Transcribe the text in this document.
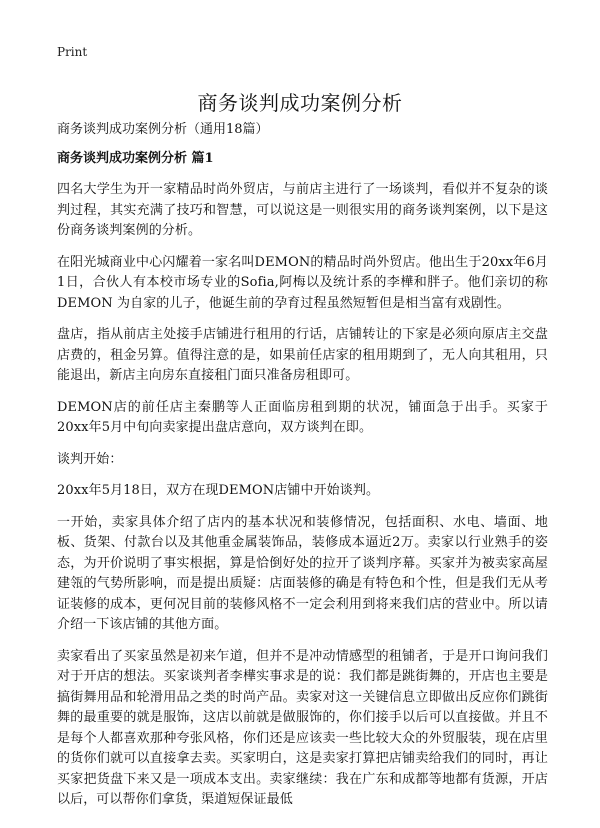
Print
商务谈判成功案例分析
商务谈判成功案例分析（通用18篇）
商务谈判成功案例分析 篇1

四名大学生为开一家精品时尚外贸店，与前店主进行了一场谈判，看似并不复杂的谈判过程，其实充满了技巧和智慧，可以说这是一则很实用的商务谈判案例，以下是这份商务谈判案例的分析。

在阳光城商业中心闪耀着一家名叫DEMON的精品时尚外贸店。他出生于20xx年6月1日，合伙人有本校市场专业的Sofia,阿梅以及统计系的李樺和胖子。他们亲切的称DEMON 为自家的儿子，他诞生前的孕育过程虽然短暂但是相当富有戏剧性。

盘店，指从前店主处接手店铺进行租用的行话，店铺转让的下家是必须向原店主交盘店费的，租金另算。值得注意的是，如果前任店家的租用期到了，无人向其租用，只能退出，新店主向房东直接租门面只准备房租即可。

DEMON店的前任店主秦鹏等人正面临房租到期的状况，铺面急于出手。买家于20xx年5月中旬向卖家提出盘店意向，双方谈判在即。

谈判开始：

20xx年5月18日，双方在现DEMON店铺中开始谈判。

一开始，卖家具体介绍了店内的基本状况和装修情况，包括面积、水电、墙面、地板、货架、付款台以及其他重金属装饰品，装修成本逼近2万。卖家以行业熟手的姿态，为开价说明了事实根据，算是恰倒好处的拉开了谈判序幕。买家并为被卖家高屋建瓴的气势所影响，而是提出质疑：店面装修的确是有特色和个性，但是我们无从考证装修的成本，更何况目前的装修风格不一定会利用到将来我们店的营业中。所以请介绍一下该店铺的其他方面。

卖家看出了买家虽然是初来乍道，但并不是冲动情感型的租铺者，于是开口询问我们对于开店的想法。买家谈判者李樺实事求是的说：我们都是跳街舞的，开店也主要是搞街舞用品和轮滑用品之类的时尚产品。卖家对这一关键信息立即做出反应你们跳街舞的最重要的就是服饰，这店以前就是做服饰的，你们接手以后可以直接做。并且不是每个人都喜欢那种夸张风格，你们还是应该卖一些比较大众的外贸服装，现在店里的货你们就可以直接拿去卖。买家明白，这是卖家打算把店铺卖给我们的同时，再让买家把货盘下来又是一项成本支出。卖家继续：我在广东和成都等地都有货源，开店以后，可以帮你们拿货，渠道短保证最低
